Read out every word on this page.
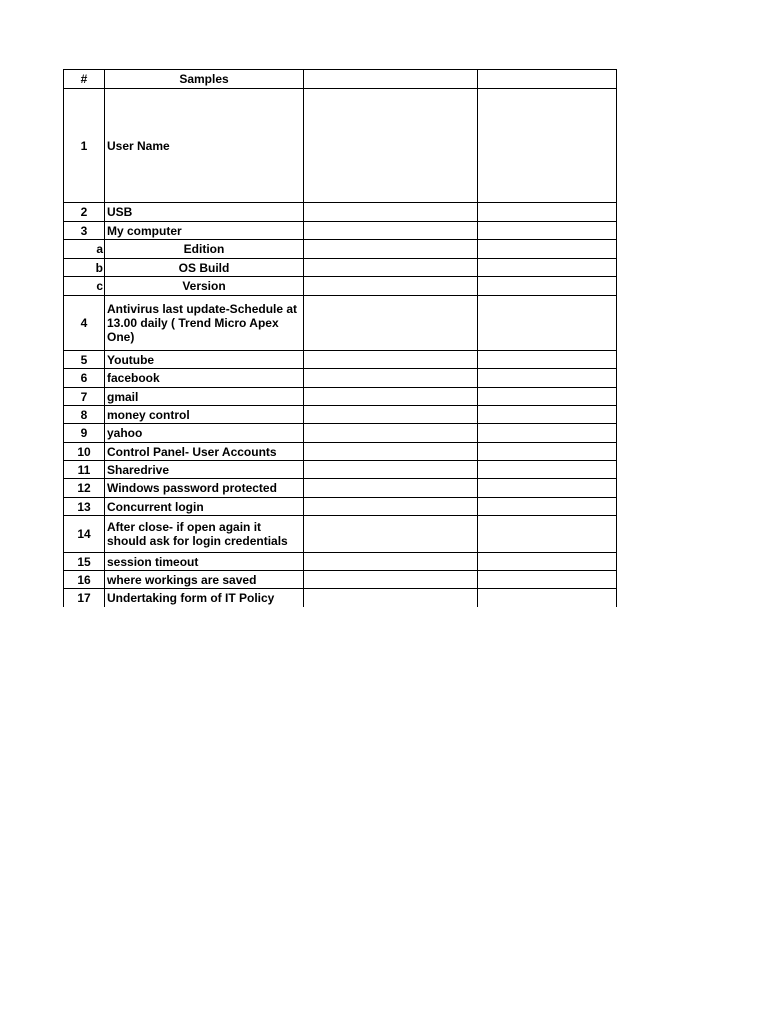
#	Samples		
1	User Name		
2	USB		
3	My computer		
a	Edition		
b	OS Build		
c	Version		
4	Antivirus last update-Schedule at 13.00 daily ( Trend Micro Apex One)		
5	Youtube		
6	facebook		
7	gmail		
8	money control		
9	yahoo		
10	Control Panel- User Accounts		
11	Sharedrive		
12	Windows password protected		
13	Concurrent login		
14	After close- if open again it should ask for login credentials		
15	session timeout		
16	where workings are saved		
17	Undertaking form of IT Policy		
